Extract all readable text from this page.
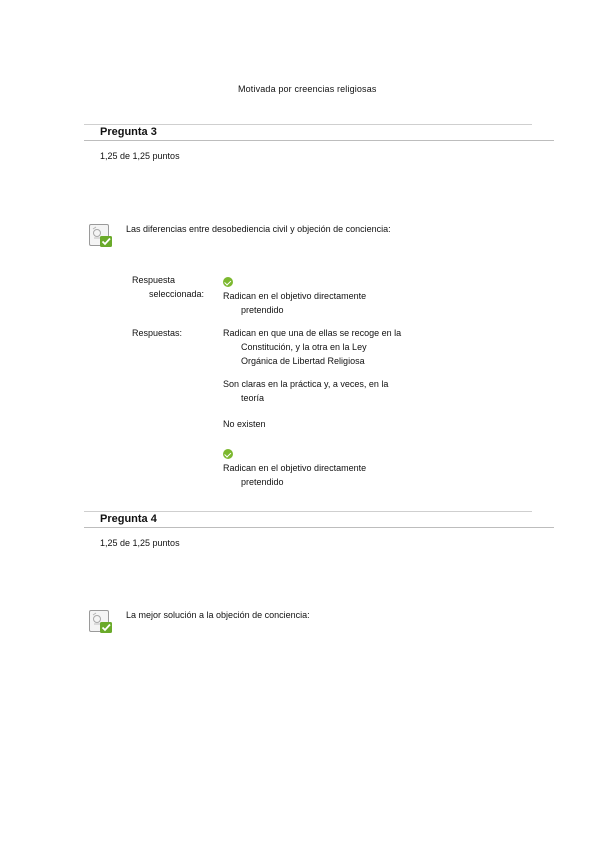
Motivada por creencias religiosas
Pregunta 3
1,25 de 1,25 puntos
Las diferencias entre desobediencia civil y objeción de conciencia:
Respuesta
seleccionada: Radican en el objetivo directamente
pretendido
Respuestas:	Radican en que una de ellas se recoge en la
Constitución, y la otra en la Ley
Orgánica de Libertad Religiosa
Son claras en la práctica y, a veces, en la
teoría
No existen
Radican en el objetivo directamente
pretendido
Pregunta 4
1,25 de 1,25 puntos
La mejor solución a la objeción de conciencia:
